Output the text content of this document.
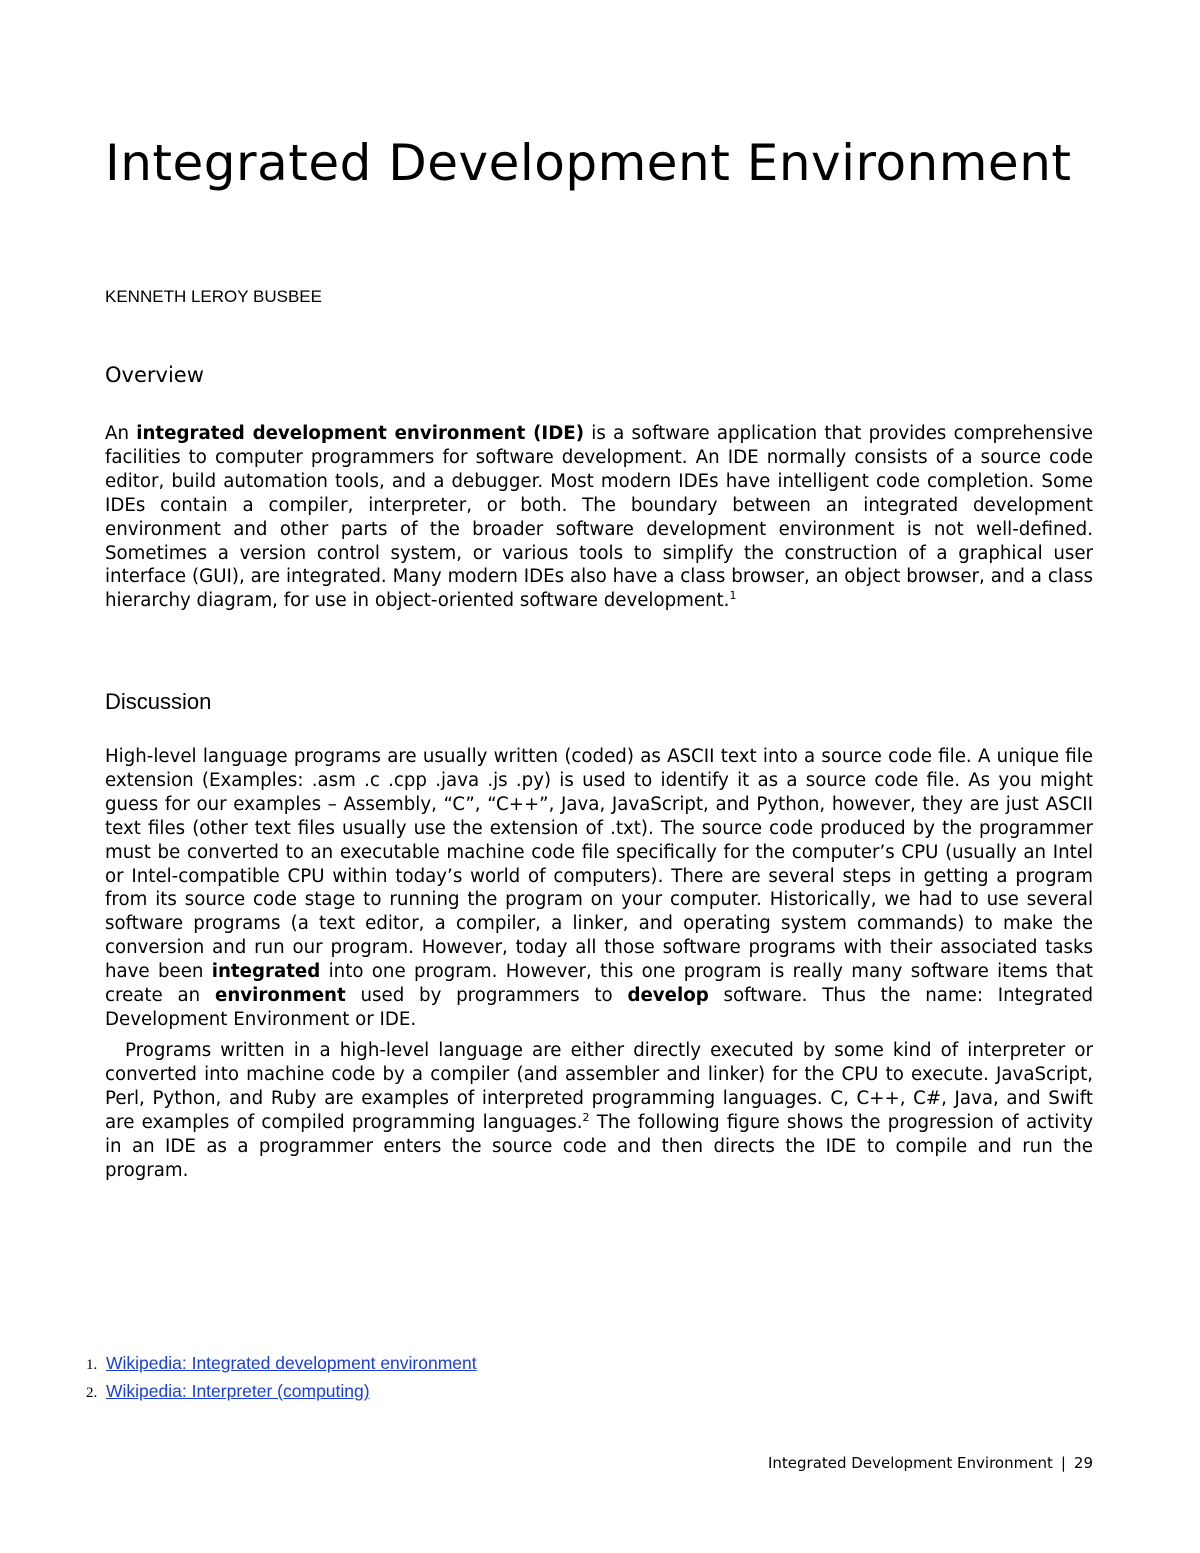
Integrated Development Environment

KENNETH LEROY BUSBEE

Overview

An integrated development environment (IDE) is a software application that provides comprehensive facilities to computer programmers for software development. An IDE normally consists of a source code editor, build automation tools, and a debugger. Most modern IDEs have intelligent code completion. Some IDEs contain a compiler, interpreter, or both. The boundary between an integrated development environment and other parts of the broader software development environment is not well-defined. Sometimes a version control system, or various tools to simplify the construction of a graphical user interface (GUI), are integrated. Many modern IDEs also have a class browser, an object browser, and a class hierarchy diagram, for use in object-oriented software development.$^1$

Discussion

High-level language programs are usually written (coded) as ASCII text into a source code file. A unique file extension (Examples: .asm .c .cpp .java .js .py) is used to identify it as a source code file. As you might guess for our examples – Assembly, “C”, “C++”, Java, JavaScript, and Python, however, they are just ASCII text files (other text files usually use the extension of .txt). The source code produced by the programmer must be converted to an executable machine code file specifically for the computer’s CPU (usually an Intel or Intel-compatible CPU within today’s world of computers). There are several steps in getting a program from its source code stage to running the program on your computer. Historically, we had to use several software programs (a text editor, a compiler, a linker, and operating system commands) to make the conversion and run our program. However, today all those software programs with their associated tasks have been integrated into one program. However, this one program is really many software items that create an environment used by programmers to develop software. Thus the name: Integrated Development Environment or IDE.

Programs written in a high-level language are either directly executed by some kind of interpreter or converted into machine code by a compiler (and assembler and linker) for the CPU to execute. JavaScript, Perl, Python, and Ruby are examples of interpreted programming languages. C, C++, C#, Java, and Swift are examples of compiled programming languages.$^2$ The following figure shows the progression of activity in an IDE as a programmer enters the source code and then directs the IDE to compile and run the program.

1. Wikipedia: Integrated development environment
2. Wikipedia: Interpreter (computing)
Integrated Development Environment | 29
